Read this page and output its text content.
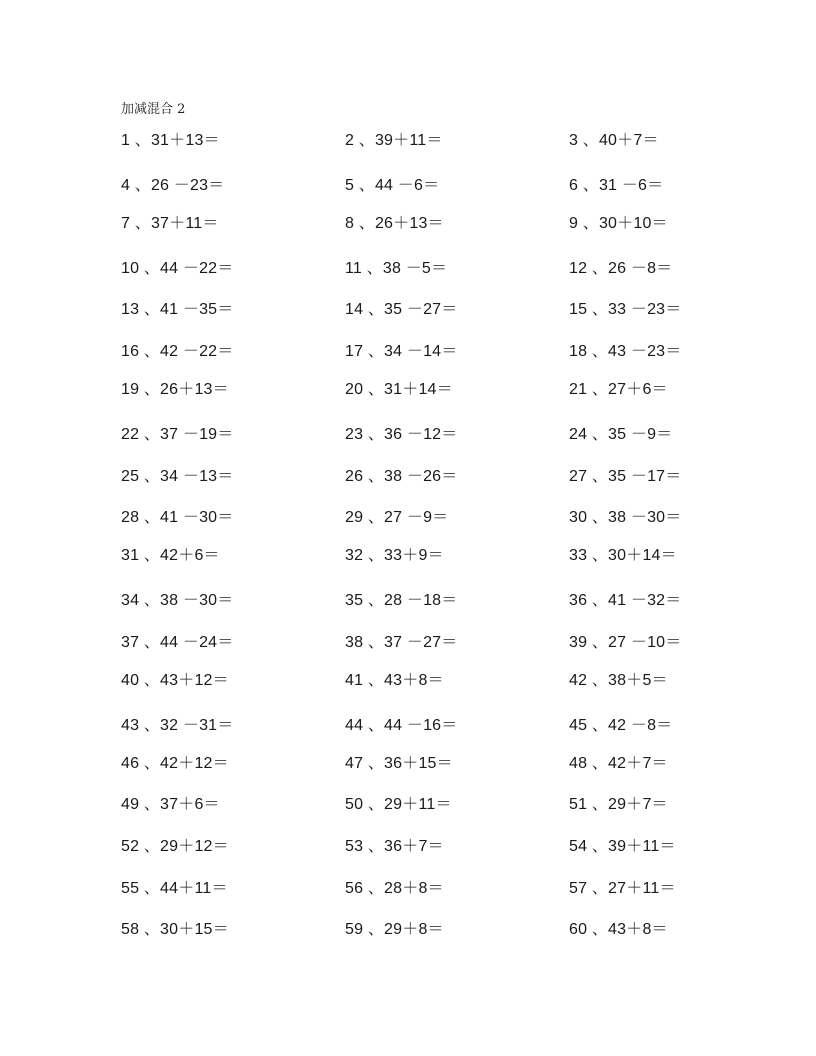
加减混合 2
1 、31＋13＝	2 、39＋11＝	3 、40＋7＝
4 、26 －23＝	5 、44 －6＝	6 、31 －6＝
7 、37＋11＝	8 、26＋13＝	9 、30＋10＝
10 、44 －22＝	11 、38 －5＝	12 、26 －8＝
13 、41 －35＝	14 、35 －27＝	15 、33 －23＝
16 、42 －22＝	17 、34 －14＝	18 、43 －23＝
19 、26＋13＝	20 、31＋14＝	21 、27＋6＝
22 、37 －19＝	23 、36 －12＝	24 、35 －9＝
25 、34 －13＝	26 、38 －26＝	27 、35 －17＝
28 、41 －30＝	29 、27 －9＝	30 、38 －30＝
31 、42＋6＝	32 、33＋9＝	33 、30＋14＝
34 、38 －30＝	35 、28 －18＝	36 、41 －32＝
37 、44 －24＝	38 、37 －27＝	39 、27 －10＝
40 、43＋12＝	41 、43＋8＝	42 、38＋5＝
43 、32 －31＝	44 、44 －16＝	45 、42 －8＝
46 、42＋12＝	47 、36＋15＝	48 、42＋7＝
49 、37＋6＝	50 、29＋11＝	51 、29＋7＝
52 、29＋12＝	53 、36＋7＝	54 、39＋11＝
55 、44＋11＝	56 、28＋8＝	57 、27＋11＝
58 、30＋15＝	59 、29＋8＝	60 、43＋8＝
